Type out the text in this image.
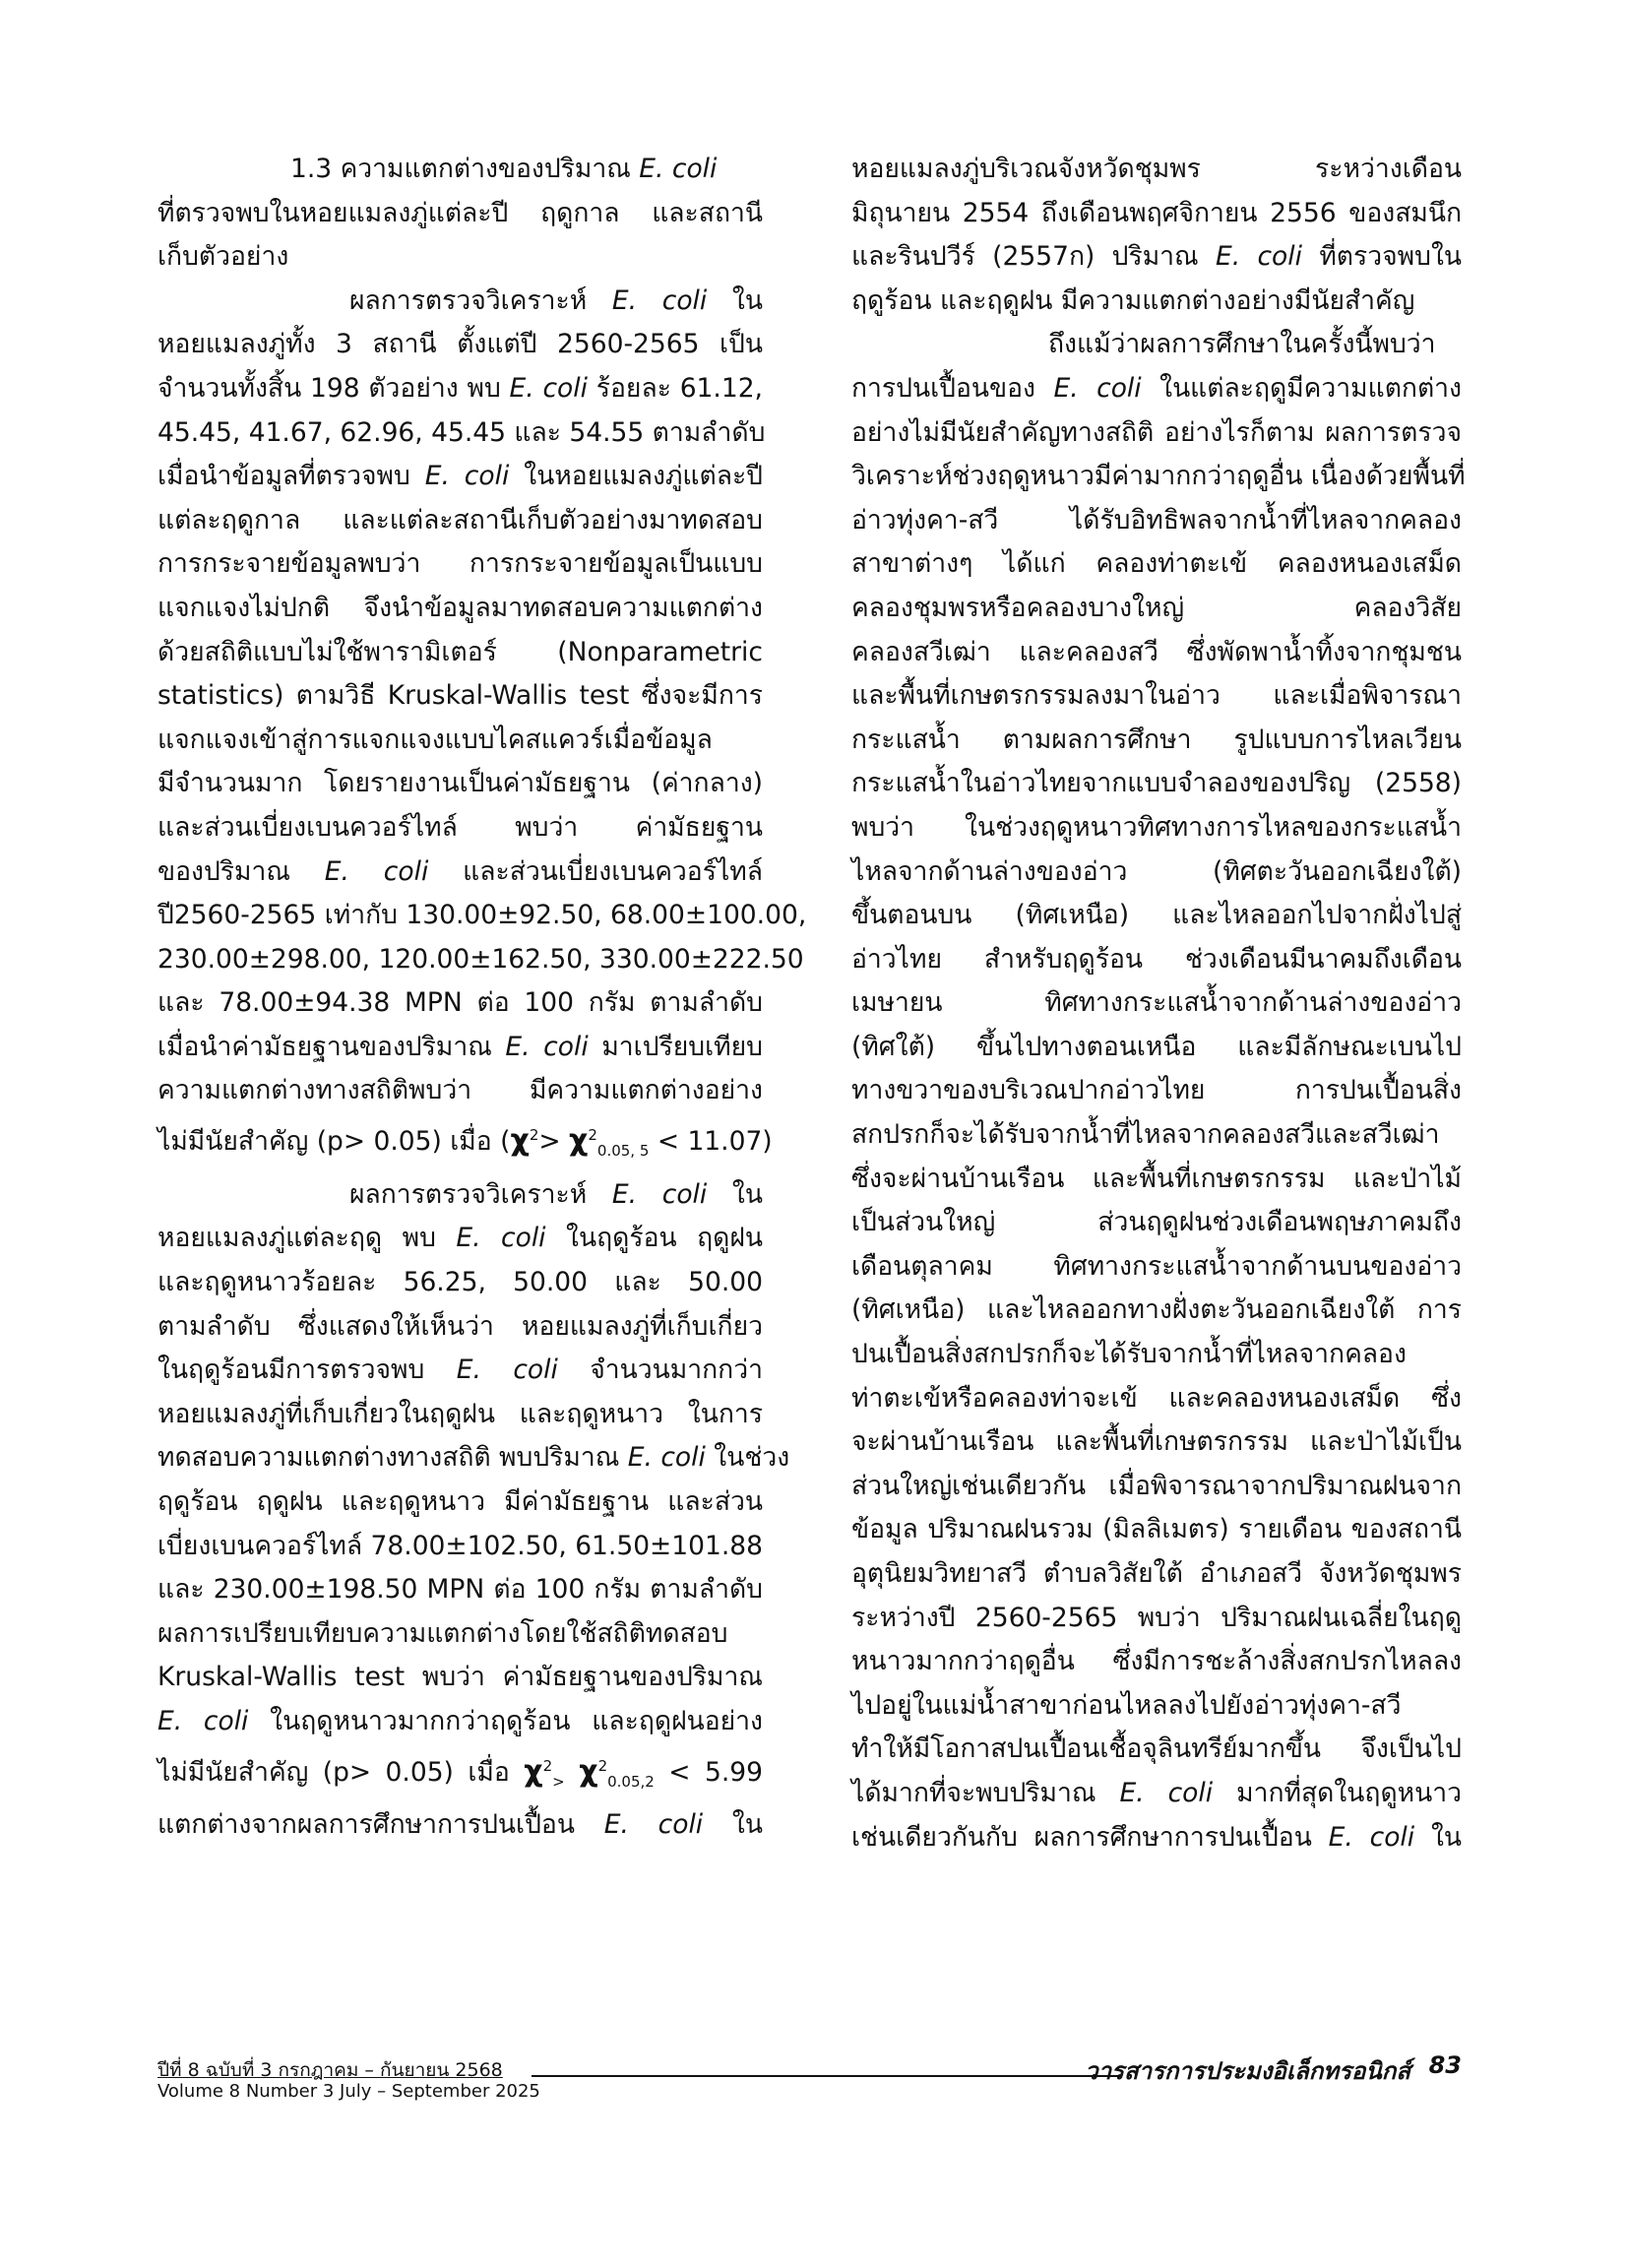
1.3 ความแตกต่างของปริมาณ E. coli
ที่ตรวจพบในหอยแมลงภู่แต่ละปี ฤดูกาล และสถานี
เก็บตัวอย่าง
ผลการตรวจวิเคราะห์ E. coli ใน
หอยแมลงภู่ทั้ง 3 สถานี ตั้งแต่ปี 2560-2565 เป็น
จำนวนทั้งสิ้น 198 ตัวอย่าง พบ E. coli ร้อยละ 61.12,
45.45, 41.67, 62.96, 45.45 และ 54.55 ตามลำดับ
เมื่อนำข้อมูลที่ตรวจพบ E. coli ในหอยแมลงภู่แต่ละปี
แต่ละฤดูกาล และแต่ละสถานีเก็บตัวอย่างมาทดสอบ
การกระจายข้อมูลพบว่า การกระจายข้อมูลเป็นแบบ
แจกแจงไม่ปกติ จึงนำข้อมูลมาทดสอบความแตกต่าง
ด้วยสถิติแบบไม่ใช้พารามิเตอร์ (Nonparametric
statistics) ตามวิธี Kruskal-Wallis test ซึ่งจะมีการ
แจกแจงเข้าสู่การแจกแจงแบบไคสแควร์เมื่อข้อมูล
มีจำนวนมาก โดยรายงานเป็นค่ามัธยฐาน (ค่ากลาง)
และส่วนเบี่ยงเบนควอร์ไทล์ พบว่า ค่ามัธยฐาน
ของปริมาณ E. coli และส่วนเบี่ยงเบนควอร์ไทล์
ปี2560-2565 เท่ากับ 130.00±92.50, 68.00±100.00,
230.00±298.00, 120.00±162.50, 330.00±222.50
และ 78.00±94.38 MPN ต่อ 100 กรัม ตามลำดับ
เมื่อนำค่ามัธยฐานของปริมาณ E. coli มาเปรียบเทียบ
ความแตกต่างทางสถิติพบว่า มีความแตกต่างอย่าง
ไม่มีนัยสำคัญ (p> 0.05) เมื่อ $(\chi^2> \chi^2_{0.05, 5} < 11.07)$
ผลการตรวจวิเคราะห์ E. coli ใน
หอยแมลงภู่แต่ละฤดู พบ E. coli ในฤดูร้อน ฤดูฝน
และฤดูหนาวร้อยละ 56.25, 50.00 และ 50.00
ตามลำดับ ซึ่งแสดงให้เห็นว่า หอยแมลงภู่ที่เก็บเกี่ยว
ในฤดูร้อนมีการตรวจพบ E. coli จำนวนมากกว่า
หอยแมลงภู่ที่เก็บเกี่ยวในฤดูฝน และฤดูหนาว ในการ
ทดสอบความแตกต่างทางสถิติ พบปริมาณ E. coli ในช่วง
ฤดูร้อน ฤดูฝน และฤดูหนาว มีค่ามัธยฐาน และส่วน
เบี่ยงเบนควอร์ไทล์ 78.00±102.50, 61.50±101.88
และ 230.00±198.50 MPN ต่อ 100 กรัม ตามลำดับ
ผลการเปรียบเทียบความแตกต่างโดยใช้สถิติทดสอบ
Kruskal-Wallis test พบว่า ค่ามัธยฐานของปริมาณ
E. coli ในฤดูหนาวมากกว่าฤดูร้อน และฤดูฝนอย่าง
ไม่มีนัยสำคัญ (p> 0.05) เมื่อ $\chi^2_>$ $\chi^2_{0.05,2} < 5.99$
แตกต่างจากผลการศึกษาการปนเปื้อน E. coli ใน
หอยแมลงภู่บริเวณจังหวัดชุมพร ระหว่างเดือน
มิถุนายน 2554 ถึงเดือนพฤศจิกายน 2556 ของสมนึก
และรินปวีร์ (2557ก) ปริมาณ E. coli ที่ตรวจพบใน
ฤดูร้อน และฤดูฝน มีความแตกต่างอย่างมีนัยสำคัญ
ถึงแม้ว่าผลการศึกษาในครั้งนี้พบว่า
การปนเปื้อนของ E. coli ในแต่ละฤดูมีความแตกต่าง
อย่างไม่มีนัยสำคัญทางสถิติ อย่างไรก็ตาม ผลการตรวจ
วิเคราะห์ช่วงฤดูหนาวมีค่ามากกว่าฤดูอื่น เนื่องด้วยพื้นที่
อ่าวทุ่งคา-สวี ได้รับอิทธิพลจากน้ำที่ไหลจากคลอง
สาขาต่างๆ ได้แก่ คลองท่าตะเข้ คลองหนองเสม็ด
คลองชุมพรหรือคลองบางใหญ่ คลองวิสัย
คลองสวีเฒ่า และคลองสวี ซึ่งพัดพาน้ำทิ้งจากชุมชน
และพื้นที่เกษตรกรรมลงมาในอ่าว และเมื่อพิจารณา
กระแสน้ำ ตามผลการศึกษา รูปแบบการไหลเวียน
กระแสน้ำในอ่าวไทยจากแบบจำลองของปริญ (2558)
พบว่า ในช่วงฤดูหนาวทิศทางการไหลของกระแสน้ำ
ไหลจากด้านล่างของอ่าว (ทิศตะวันออกเฉียงใต้)
ขึ้นตอนบน (ทิศเหนือ) และไหลออกไปจากฝั่งไปสู่
อ่าวไทย สำหรับฤดูร้อน ช่วงเดือนมีนาคมถึงเดือน
เมษายน ทิศทางกระแสน้ำจากด้านล่างของอ่าว
(ทิศใต้) ขึ้นไปทางตอนเหนือ และมีลักษณะเบนไป
ทางขวาของบริเวณปากอ่าวไทย การปนเปื้อนสิ่ง
สกปรกก็จะได้รับจากน้ำที่ไหลจากคลองสวีและสวีเฒ่า
ซึ่งจะผ่านบ้านเรือน และพื้นที่เกษตรกรรม และป่าไม้
เป็นส่วนใหญ่ ส่วนฤดูฝนช่วงเดือนพฤษภาคมถึง
เดือนตุลาคม ทิศทางกระแสน้ำจากด้านบนของอ่าว
(ทิศเหนือ) และไหลออกทางฝั่งตะวันออกเฉียงใต้ การ
ปนเปื้อนสิ่งสกปรกก็จะได้รับจากน้ำที่ไหลจากคลอง
ท่าตะเข้หรือคลองท่าจะเข้ และคลองหนองเสม็ด ซึ่ง
จะผ่านบ้านเรือน และพื้นที่เกษตรกรรม และป่าไม้เป็น
ส่วนใหญ่เช่นเดียวกัน เมื่อพิจารณาจากปริมาณฝนจาก
ข้อมูล ปริมาณฝนรวม (มิลลิเมตร) รายเดือน ของสถานี
อุตุนิยมวิทยาสวี ตำบลวิสัยใต้ อำเภอสวี จังหวัดชุมพร
ระหว่างปี 2560-2565 พบว่า ปริมาณฝนเฉลี่ยในฤดู
หนาวมากกว่าฤดูอื่น ซึ่งมีการชะล้างสิ่งสกปรกไหลลง
ไปอยู่ในแม่น้ำสาขาก่อนไหลลงไปยังอ่าวทุ่งคา-สวี
ทำให้มีโอกาสปนเปื้อนเชื้อจุลินทรีย์มากขึ้น จึงเป็นไป
ได้มากที่จะพบปริมาณ E. coli มากที่สุดในฤดูหนาว
เช่นเดียวกันกับ ผลการศึกษาการปนเปื้อน E. coli ใน
ปีที่ 8 ฉบับที่ 3 กรกฎาคม – กันยายน 2568	วารสารการประมงอิเล็กทรอนิกส์ 83
Volume 8 Number 3 July – September 2025
